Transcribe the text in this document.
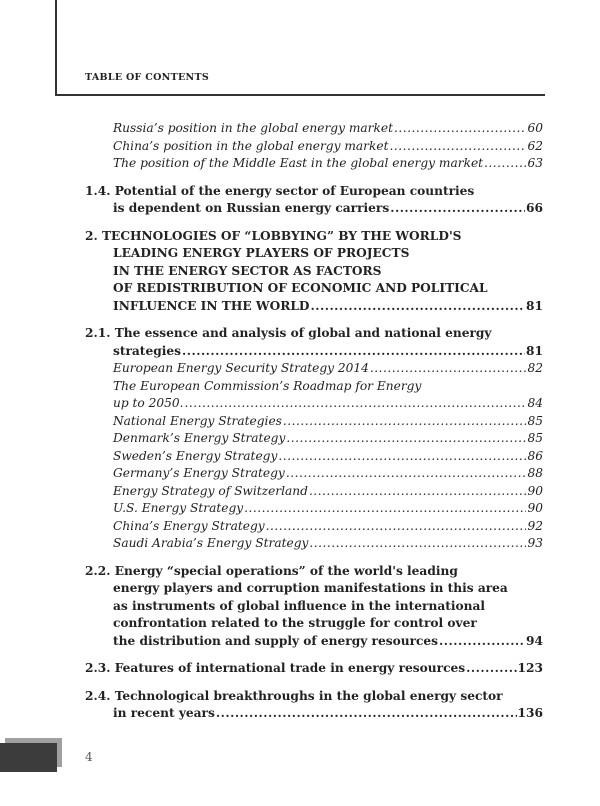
TABLE OF CONTENTS
Russia’s position in the global energy market .....	60
China’s position in the global energy market .....	62
The position of the Middle East in the global energy market .....	63
1.4. Potential of the energy sector of European countries
is dependent on Russian energy carriers .....	66
2. TECHNOLOGIES OF “LOBBYING” BY THE WORLD'S
LEADING ENERGY PLAYERS OF PROJECTS
IN THE ENERGY SECTOR AS FACTORS
OF REDISTRIBUTION OF ECONOMIC AND POLITICAL
INFLUENCE IN THE WORLD .....	81
2.1. The essence and analysis of global and national energy
strategies .....	81
European Energy Security Strategy 2014 .....	82
The European Commission’s Roadmap for Energy
up to 2050. .....	84
National Energy Strategies .....	85
Denmark’s Energy Strategy .....	85
Sweden’s Energy Strategy .....	86
Germany’s Energy Strategy .....	88
Energy Strategy of Switzerland .....	90
U.S. Energy Strategy .....	90
China’s Energy Strategy .....	92
Saudi Arabia’s Energy Strategy .....	93
2.2. Energy “special operations” of the world's leading
energy players and corruption manifestations in this area
as instruments of global influence in the international
confrontation related to the struggle for control over
the distribution and supply of energy resources .....	94
2.3. Features of international trade in energy resources .....	123
2.4. Technological breakthroughs in the global energy sector
in recent years .....	136
4
